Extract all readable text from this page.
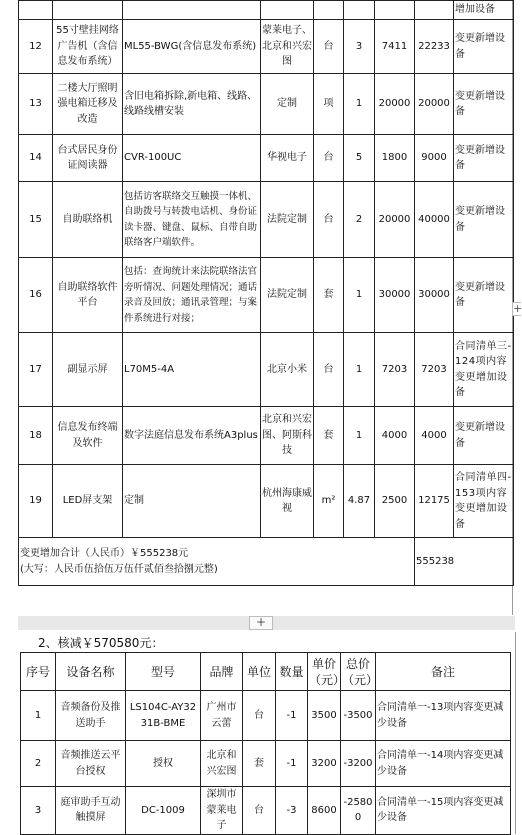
								增加设备
12	55寸壁挂网络广告机（含信息发布系统）	ML55-BWG(含信息发布系统)	蒙莱电子、北京和兴宏图	台	3	7411	22233	变更新增设备
13	二楼大厅照明强电箱迁移及改造	含旧电箱拆除,新电箱、线路、线路线槽安装	定制	项	1	20000	20000	变更新增设备
14	台式居民身份证阅读器	CVR-100UC	华视电子	台	5	1800	9000	变更新增设备
15	自助联络机	包括访客联络交互触摸一体机、自助拨号与转拨电话机、身份证读卡器、键盘、鼠标、自带自助联络客户端软件。	法院定制	台	2	20000	40000	变更新增设备
16	自助联络软件平台	包括：查询统计来法院联络法官旁听情况、问题处理情况；通话录音及回放；通讯录管理；与案件系统进行对接；	法院定制	套	1	30000	30000	变更新增设备
17	副显示屏	L70M5-4A	北京小米	台	1	7203	7203	合同清单三-124项内容变更增加设备
18	信息发布终端及软件	数字法庭信息发布系统A3plus	北京和兴宏图、阿斯科技	套	1	4000	4000	变更新增设备
19	LED屏支架	定制	杭州海康威视	m²	4.87	2500	12175	合同清单四-153项内容变更增加设备

变更增加合计（人民币）￥555238元
(大写：人民币伍拾伍万伍仟贰佰叁拾捌元整)							555238	
+
+
2、核减￥570580元：
序号	设备名称	型号	品牌	单位	数量	单价（元）	总价（元）	备注
1	音频备份及推送助手	LS104C-AY3231B-BME	广州市云蕾	台	-1	3500	-3500	合同清单一-13项内容变更减少设备
2	音频推送云平台授权	授权	北京和兴宏图	套	-1	3200	-3200	合同清单一-14项内容变更减少设备
3	庭审助手互动触摸屏	DC-1009	深圳市蒙莱电子	台	-3	8600	-25800	合同清单一-15项内容变更减少设备
